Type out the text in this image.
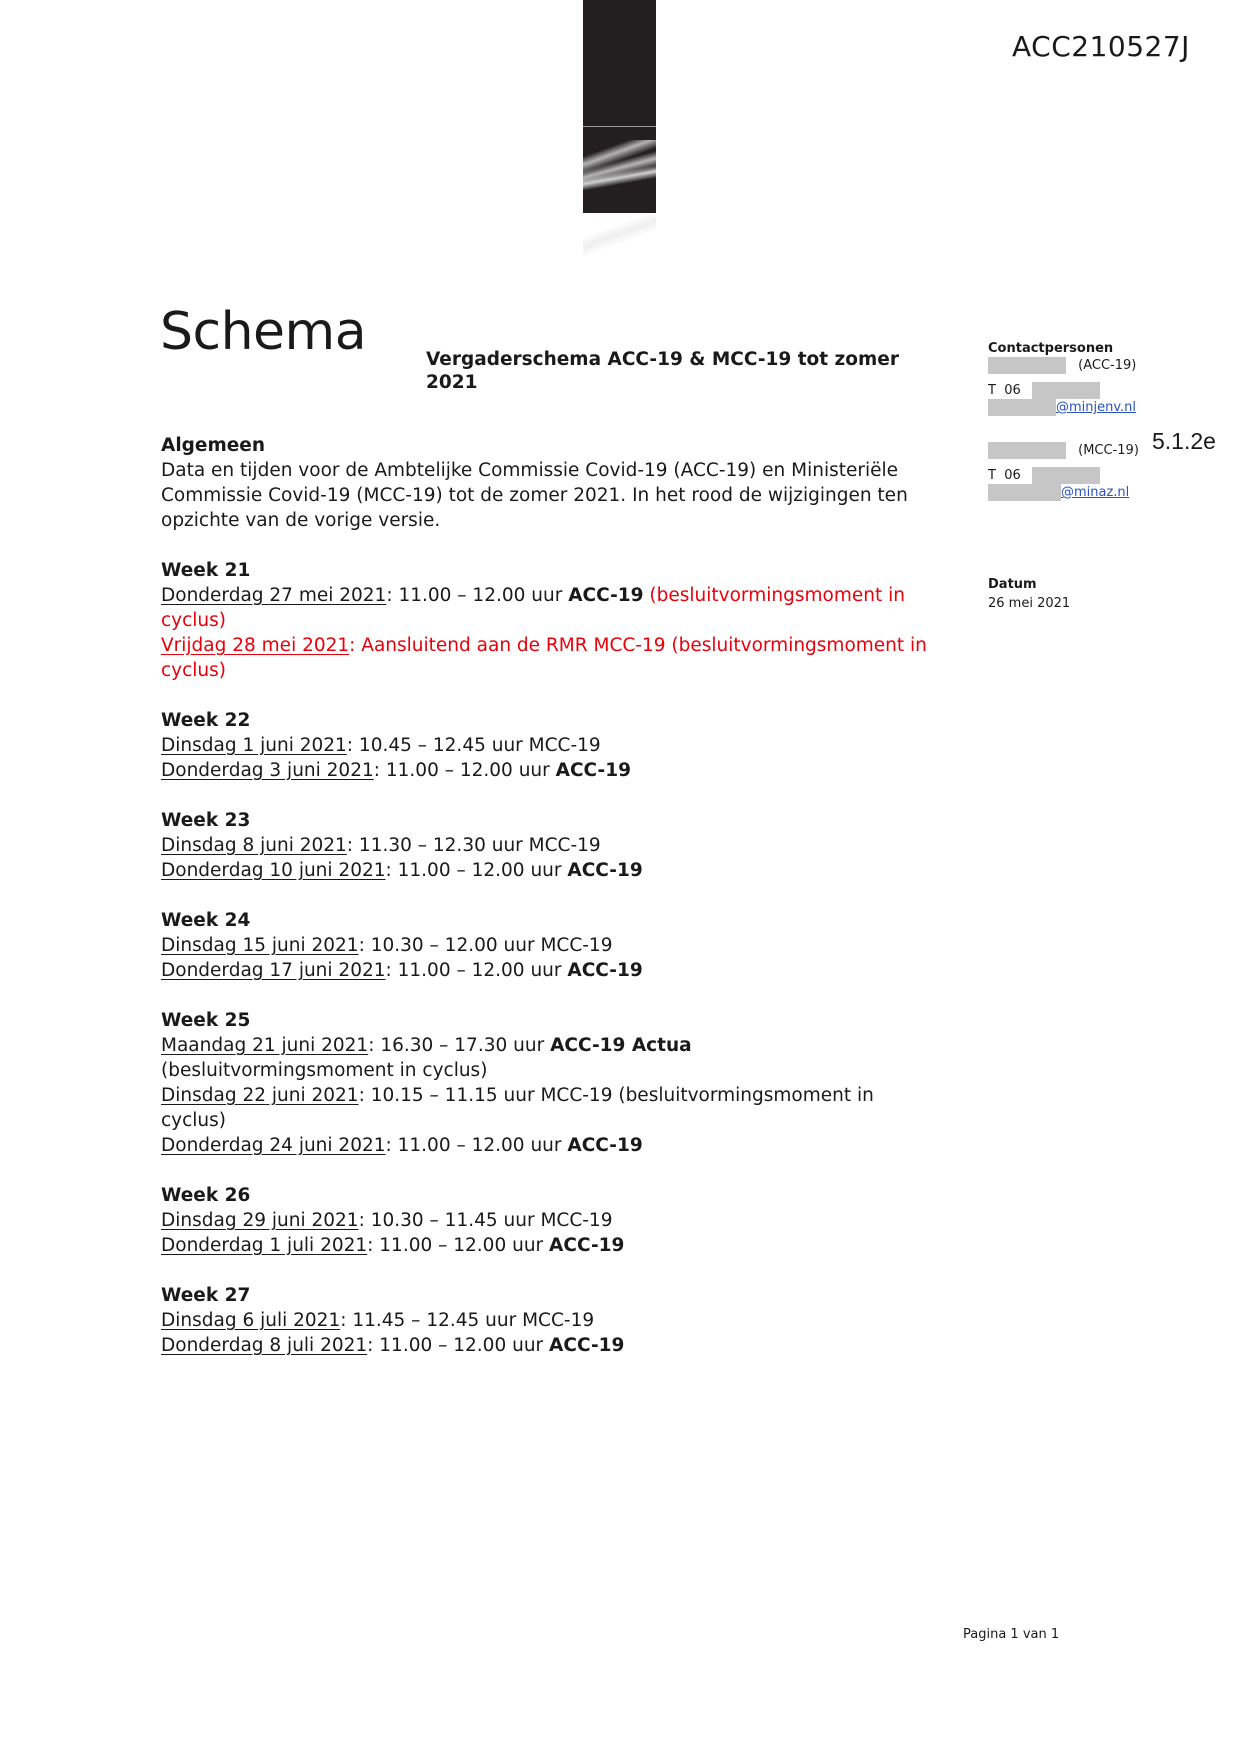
ACC210527J
Schema	Vergaderschema ACC-19 & MCC-19 tot zomer 2021
Algemeen
Data en tijden voor de Ambtelijke Commissie Covid-19 (ACC-19) en Ministeriële Commissie Covid-19 (MCC-19) tot de zomer 2021. In het rood de wijzigingen ten opzichte van de vorige versie.
Week 21
Donderdag 27 mei 2021: 11.00 – 12.00 uur ACC-19 (besluitvormingsmoment in cyclus)
Vrijdag 28 mei 2021: Aansluitend aan de RMR MCC-19 (besluitvormingsmoment in cyclus)
Week 22
Dinsdag 1 juni 2021: 10.45 – 12.45 uur MCC-19
Donderdag 3 juni 2021: 11.00 – 12.00 uur ACC-19
Week 23
Dinsdag 8 juni 2021: 11.30 – 12.30 uur MCC-19
Donderdag 10 juni 2021: 11.00 – 12.00 uur ACC-19
Week 24
Dinsdag 15 juni 2021: 10.30 – 12.00 uur MCC-19
Donderdag 17 juni 2021: 11.00 – 12.00 uur ACC-19
Week 25
Maandag 21 juni 2021: 16.30 – 17.30 uur ACC-19 Actua
(besluitvormingsmoment in cyclus)
Dinsdag 22 juni 2021: 10.15 – 11.15 uur MCC-19 (besluitvormingsmoment in cyclus)
Donderdag 24 juni 2021: 11.00 – 12.00 uur ACC-19
Week 26
Dinsdag 29 juni 2021: 10.30 – 11.45 uur MCC-19
Donderdag 1 juli 2021: 11.00 – 12.00 uur ACC-19
Week 27
Dinsdag 6 juli 2021: 11.45 – 12.45 uur MCC-19
Donderdag 8 juli 2021: 11.00 – 12.00 uur ACC-19
Contactpersonen
(ACC-19)
T  06
@minjenv.nl
(MCC-19)
T  06
@minaz.nl
5.1.2e
Datum
26 mei 2021
Pagina 1 van 1
